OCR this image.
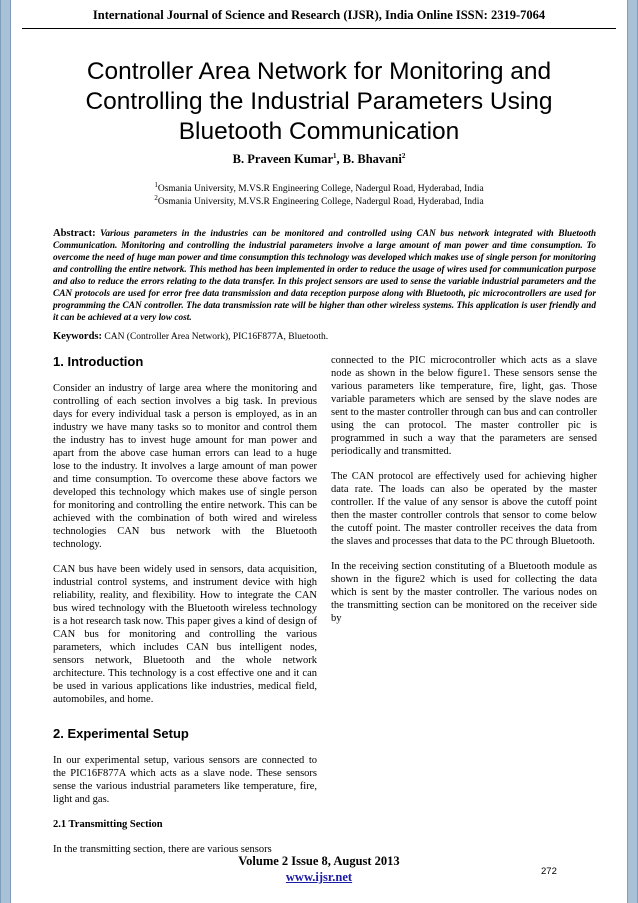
International Journal of Science and Research (IJSR), India Online ISSN: 2319-7064
Controller Area Network for Monitoring and Controlling the Industrial Parameters Using Bluetooth Communication
B. Praveen Kumar$^1$, B. Bhavani$^2$
$^1$Osmania University, M.VS.R Engineering College, Nadergul Road, Hyderabad, India
$^2$Osmania University, M.VS.R Engineering College, Nadergul Road, Hyderabad, India
Abstract: Various parameters in the industries can be monitored and controlled using CAN bus network integrated with Bluetooth Communication. Monitoring and controlling the industrial parameters involve a large amount of man power and time consumption. To overcome the need of huge man power and time consumption this technology was developed which makes use of single person for monitoring and controlling the entire network. This method has been implemented in order to reduce the usage of wires used for communication purpose and also to reduce the errors relating to the data transfer. In this project sensors are used to sense the variable industrial parameters and the CAN protocols are used for error free data transmission and data reception purpose along with Bluetooth, pic microcontrollers are used for programming the CAN controller. The data transmission rate will be higher than other wireless systems. This application is user friendly and it can be achieved at a very low cost.
Keywords: CAN (Controller Area Network), PIC16F877A, Bluetooth.
1. Introduction

Consider an industry of large area where the monitoring and controlling of each section involves a big task. In previous days for every individual task a person is employed, as in an industry we have many tasks so to monitor and control them the industry has to invest huge amount for man power and apart from the above case human errors can lead to a huge lose to the industry. It involves a large amount of man power and time consumption. To overcome these above factors we developed this technology which makes use of single person for monitoring and controlling the entire network. This can be achieved with the combination of both wired and wireless technologies CAN bus network with the Bluetooth technology.

CAN bus have been widely used in sensors, data acquisition, industrial control systems, and instrument device with high reliability, reality, and flexibility. How to integrate the CAN bus wired technology with the Bluetooth wireless technology is a hot research task now. This paper gives a kind of design of CAN bus for monitoring and controlling the various parameters, which includes CAN bus intelligent nodes, sensors network, Bluetooth and the whole network architecture. This technology is a cost effective one and it can be used in various applications like industries, medical field, automobiles, and home.

2. Experimental Setup

In our experimental setup, various sensors are connected to the PIC16F877A which acts as a slave node. These sensors sense the various industrial parameters like temperature, fire, light and gas.

2.1 Transmitting Section

In the transmitting section, there are various sensors

connected to the PIC microcontroller which acts as a slave node as shown in the below figure1. These sensors sense the various parameters like temperature, fire, light, gas. Those variable parameters which are sensed by the slave nodes are sent to the master controller through can bus and can controller using the can protocol. The master controller pic is programmed in such a way that the parameters are sensed periodically and transmitted.

The CAN protocol are effectively used for achieving higher data rate. The loads can also be operated by the master controller. If the value of any sensor is above the cutoff point then the master controller controls that sensor to come below the cutoff point. The master controller receives the data from the slaves and processes that data to the PC through Bluetooth.

In the receiving section constituting of a Bluetooth module as shown in the figure2 which is used for collecting the data which is sent by the master controller. The various nodes on the transmitting section can be monitored on the receiver side by

Volume 2 Issue 8, August 2013
www.ijsr.net	272
